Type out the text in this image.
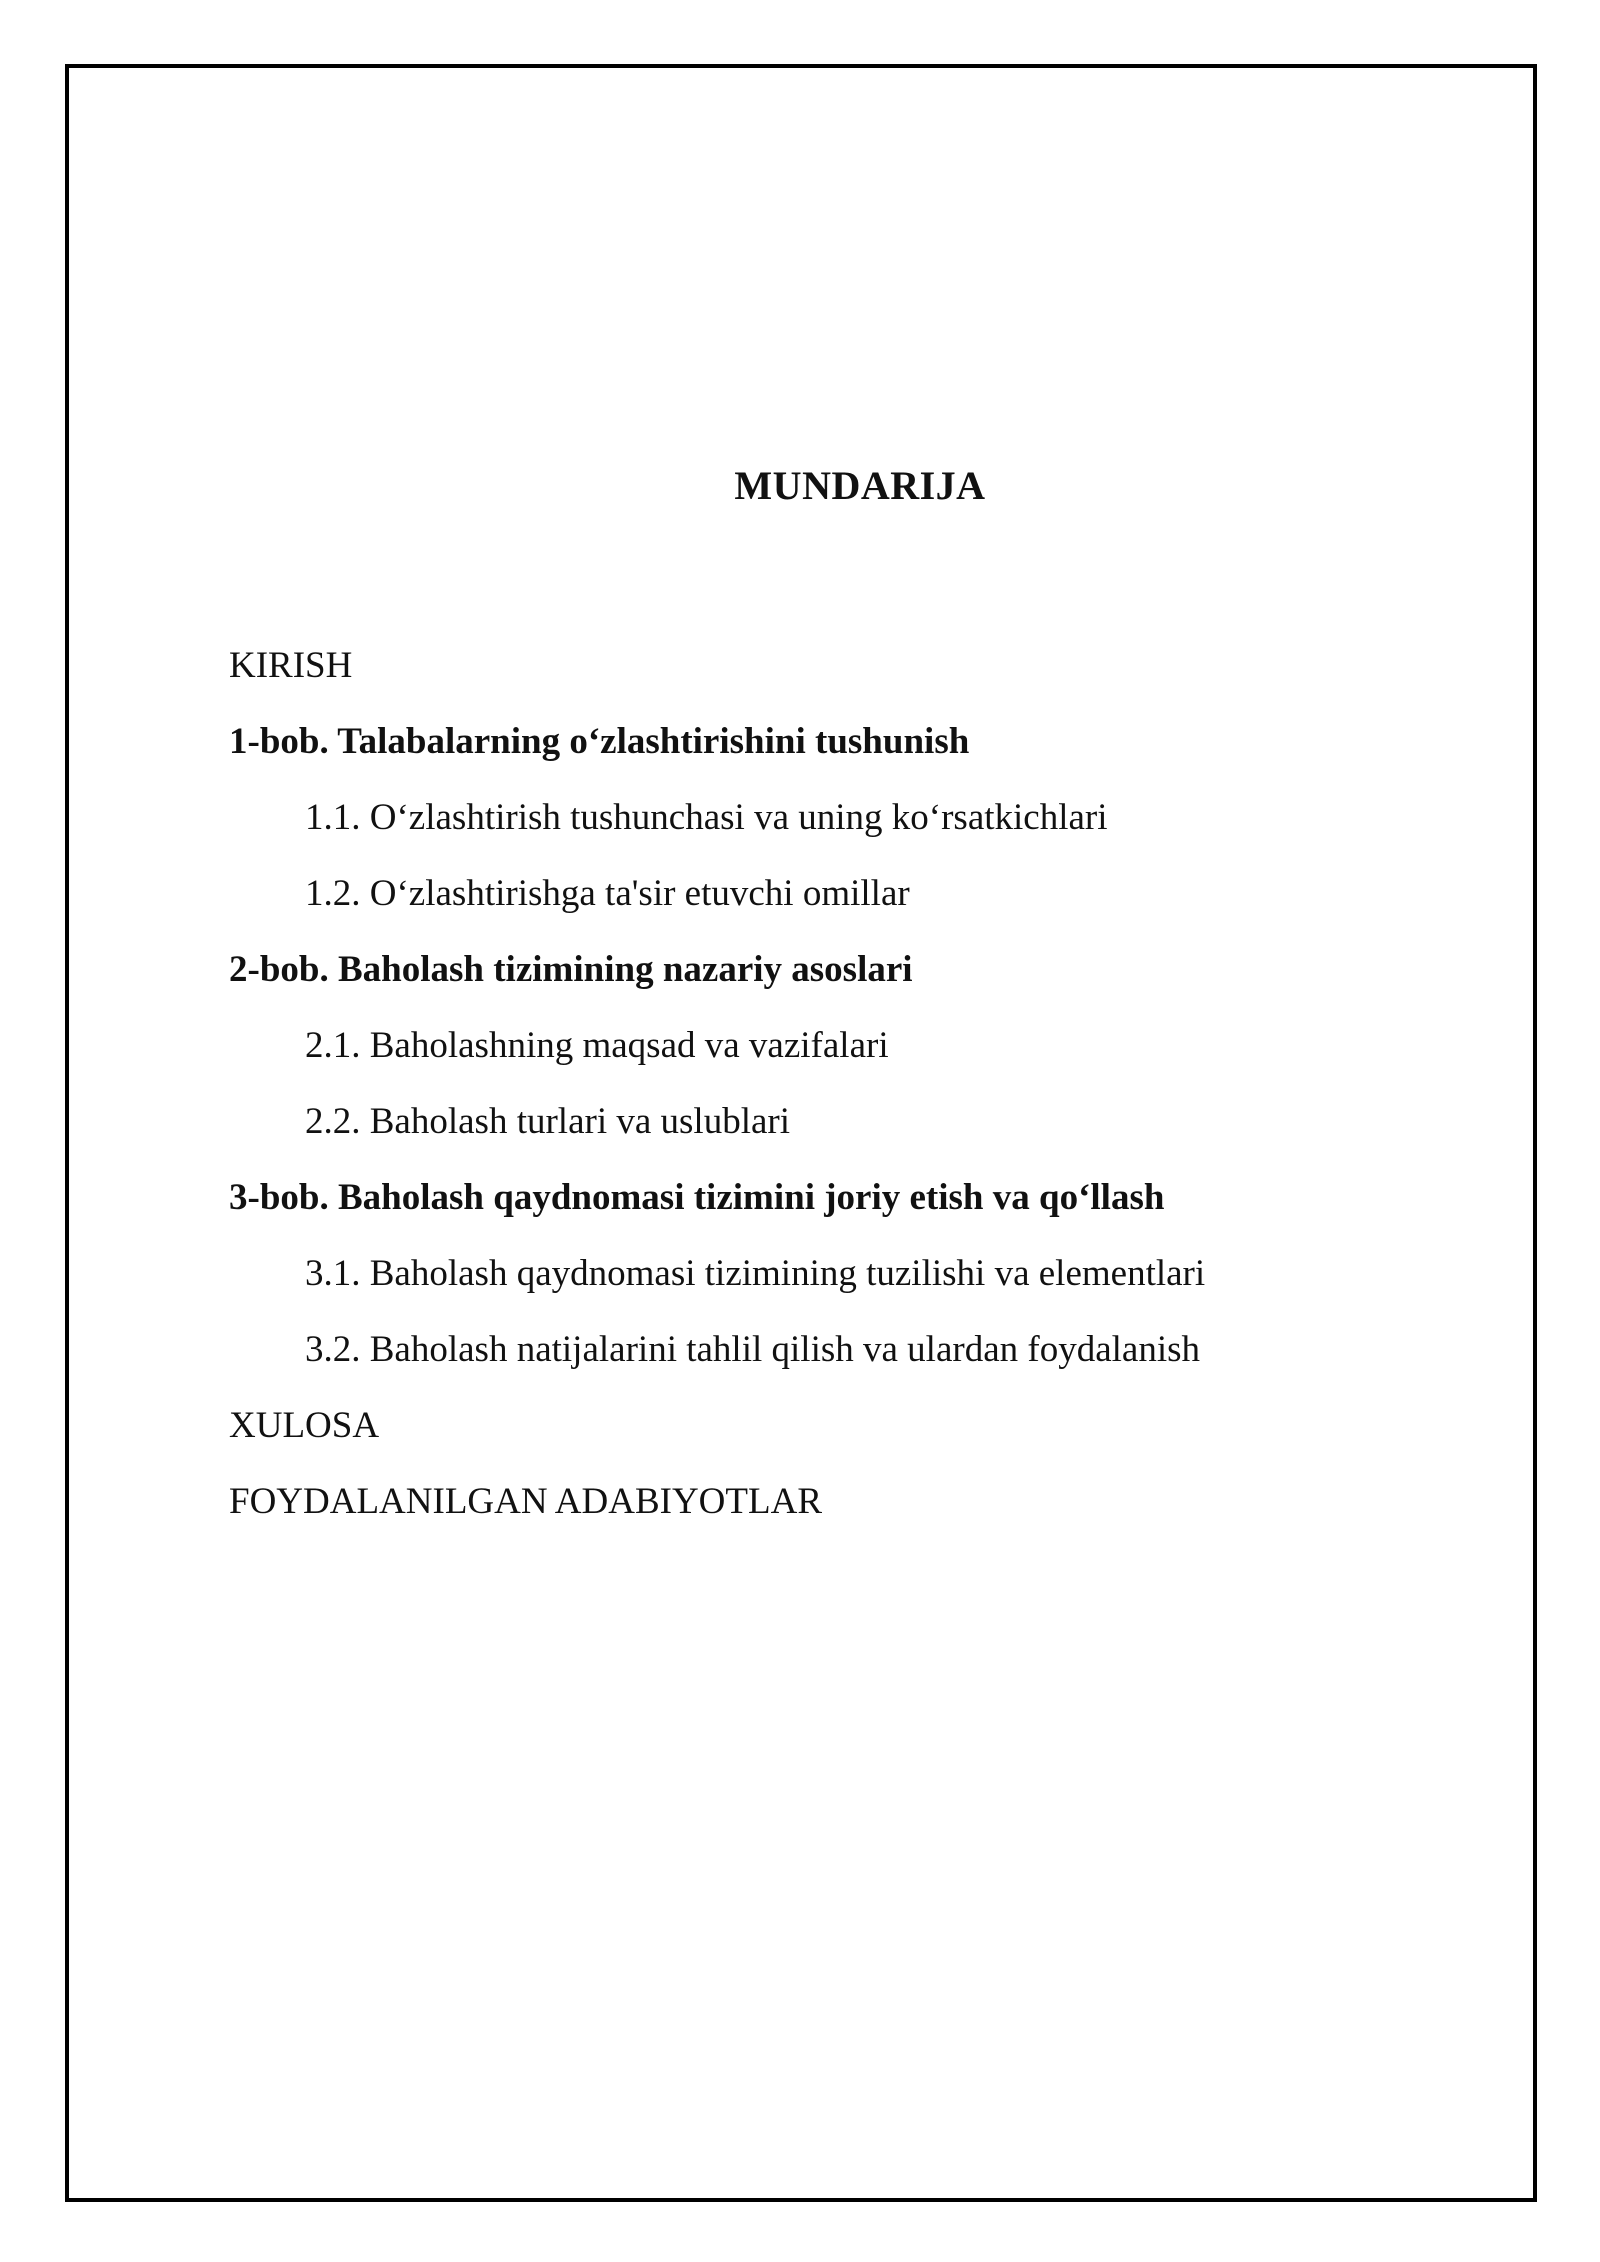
MUNDARIJA
KIRISH
1-bob. Talabalarning o‘zlashtirishini tushunish
1.1. O‘zlashtirish tushunchasi va uning ko‘rsatkichlari
1.2. O‘zlashtirishga ta'sir etuvchi omillar
2-bob. Baholash tizimining nazariy asoslari
2.1. Baholashning maqsad va vazifalari
2.2. Baholash turlari va uslublari
3-bob. Baholash qaydnomasi tizimini joriy etish va qo‘llash
3.1. Baholash qaydnomasi tizimining tuzilishi va elementlari
3.2. Baholash natijalarini tahlil qilish va ulardan foydalanish
XULOSA
FOYDALANILGAN ADABIYOTLAR
